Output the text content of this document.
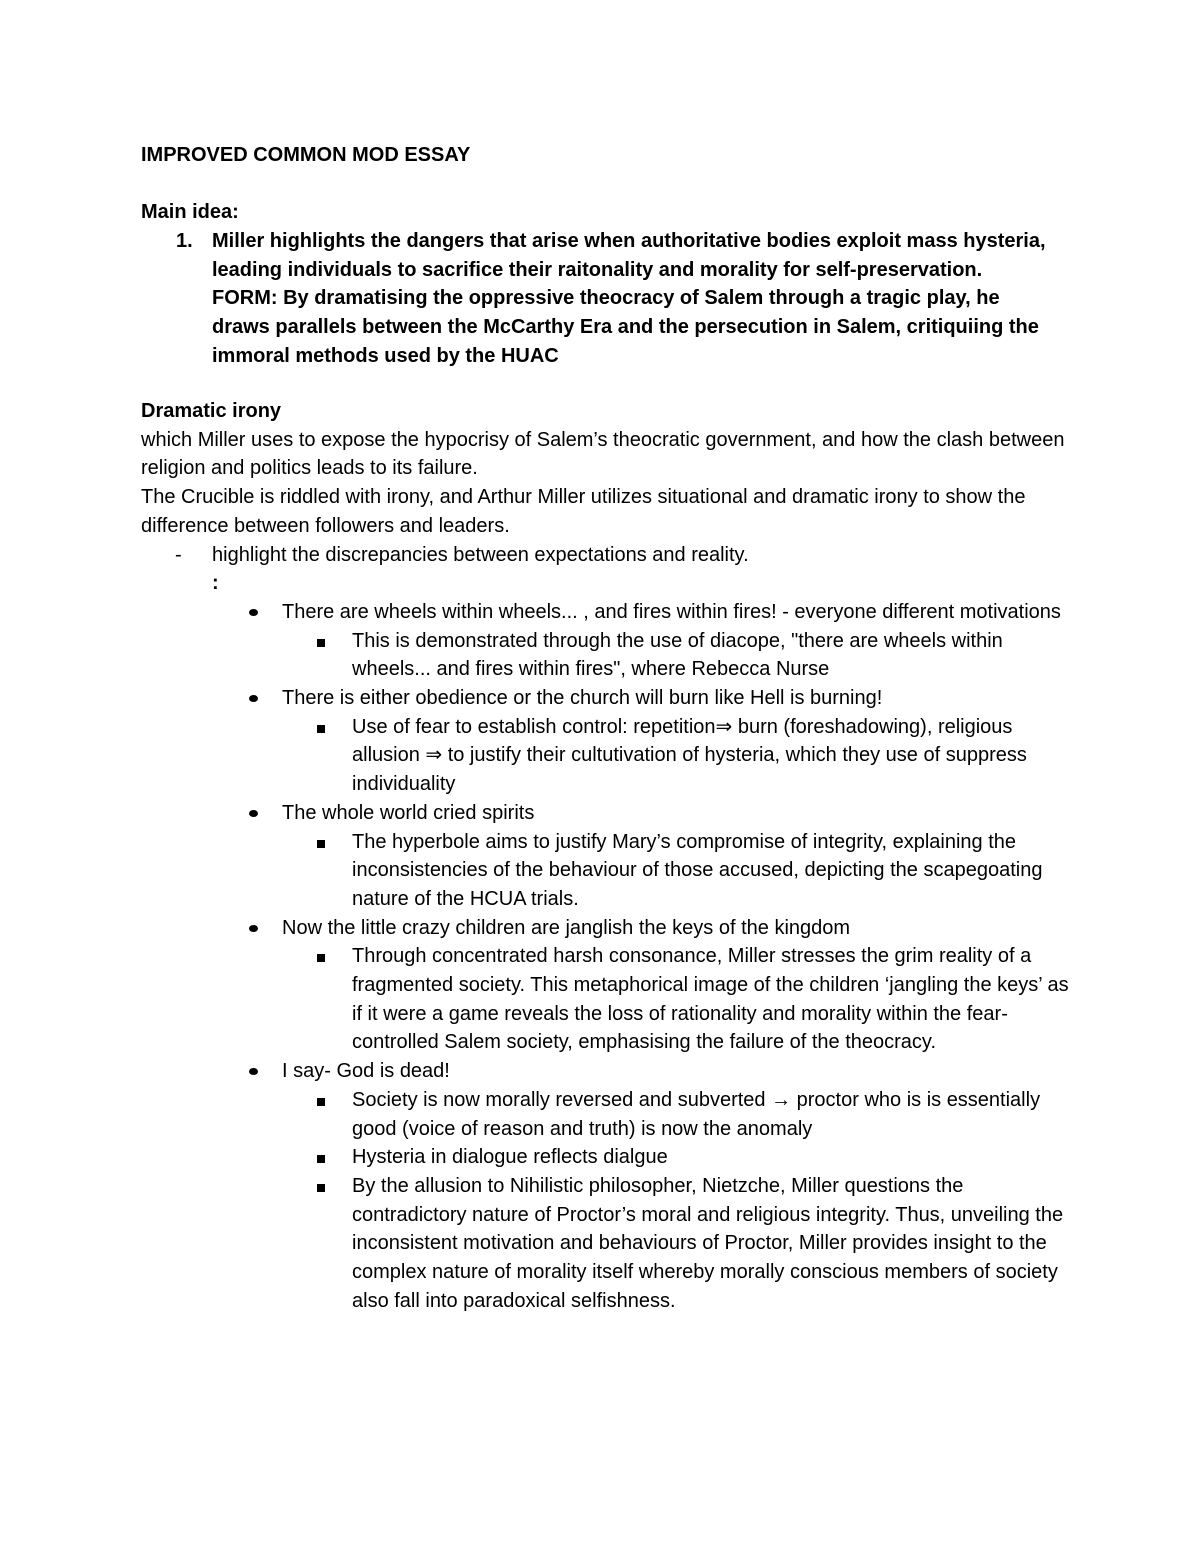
IMPROVED COMMON MOD ESSAY
Main idea:
1. Miller highlights the dangers that arise when authoritative bodies exploit mass hysteria, leading individuals to sacrifice their raitonality and morality for self-preservation.

FORM: By dramatising the oppressive theocracy of Salem through a tragic play, he draws parallels between the McCarthy Era and the persecution in Salem, critiquiing the immoral methods used by the HUAC

Dramatic irony

which Miller uses to expose the hypocrisy of Salem’s theocratic government, and how the clash between religion and politics leads to its failure.

The Crucible is riddled with irony, and Arthur Miller utilizes situational and dramatic irony to show the difference between followers and leaders.

- highlight the discrepancies between expectations and reality.

:

There are wheels within wheels... , and fires within fires! - everyone different motivations

This is demonstrated through the use of diacope, "there are wheels within wheels... and fires within fires", where Rebecca Nurse

There is either obedience or the church will burn like Hell is burning!

Use of fear to establish control: repetition⇒ burn (foreshadowing), religious allusion ⇒ to justify their cultutivation of hysteria, which they use of suppress individuality

The whole world cried spirits

The hyperbole aims to justify Mary’s compromise of integrity, explaining the inconsistencies of the behaviour of those accused, depicting the scapegoating nature of the HCUA trials.

Now the little crazy children are janglish the keys of the kingdom

Through concentrated harsh consonance, Miller stresses the grim reality of a fragmented society. This metaphorical image of the children ‘jangling the keys’ as if it were a game reveals the loss of rationality and morality within the fear-controlled Salem society, emphasising the failure of the theocracy.

I say- God is dead!

Society is now morally reversed and subverted → proctor who is is essentially good (voice of reason and truth) is now the anomaly

Hysteria in dialogue reflects dialgue

By the allusion to Nihilistic philosopher, Nietzche, Miller questions the contradictory nature of Proctor’s moral and religious integrity. Thus, unveiling the inconsistent motivation and behaviours of Proctor, Miller provides insight to the complex nature of morality itself whereby morally conscious members of society also fall into paradoxical selfishness.
